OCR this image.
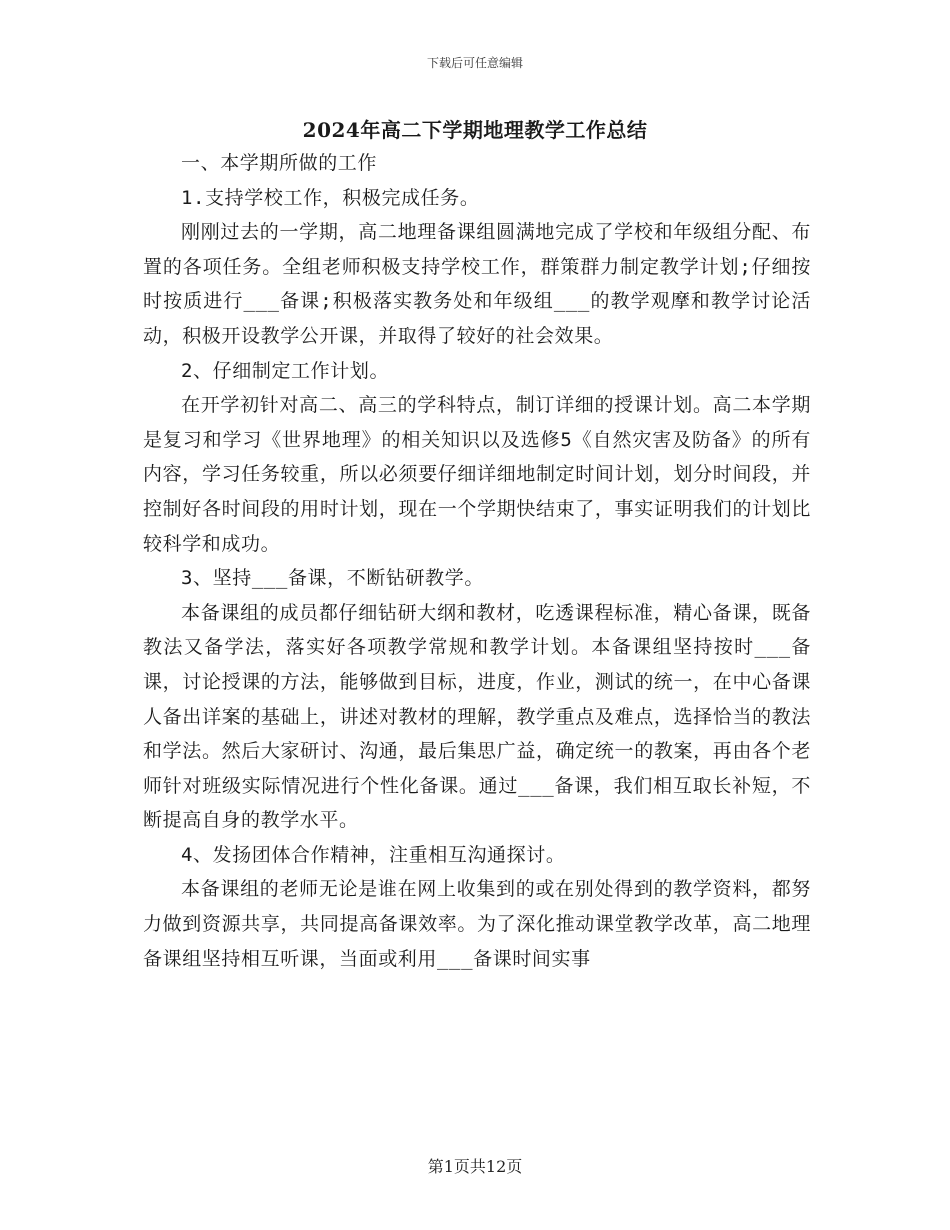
下载后可任意编辑
2024年高二下学期地理教学工作总结

一、本学期所做的工作

1.支持学校工作，积极完成任务。

刚刚过去的一学期，高二地理备课组圆满地完成了学校和年级组分配、布置的各项任务。全组老师积极支持学校工作，群策群力制定教学计划;仔细按时按质进行___备课;积极落实教务处和年级组___的教学观摩和教学讨论活动，积极开设教学公开课，并取得了较好的社会效果。

2、仔细制定工作计划。

在开学初针对高二、高三的学科特点，制订详细的授课计划。高二本学期是复习和学习《世界地理》的相关知识以及选修5《自然灾害及防备》的所有内容，学习任务较重，所以必须要仔细详细地制定时间计划，划分时间段，并控制好各时间段的用时计划，现在一个学期快结束了，事实证明我们的计划比较科学和成功。

3、坚持___备课，不断钻研教学。

本备课组的成员都仔细钻研大纲和教材，吃透课程标准，精心备课，既备教法又备学法，落实好各项教学常规和教学计划。本备课组坚持按时___备课，讨论授课的方法，能够做到目标，进度，作业，测试的统一，在中心备课人备出详案的基础上，讲述对教材的理解，教学重点及难点，选择恰当的教法和学法。然后大家研讨、沟通，最后集思广益，确定统一的教案，再由各个老师针对班级实际情况进行个性化备课。通过___备课，我们相互取长补短，不断提高自身的教学水平。

4、发扬团体合作精神，注重相互沟通探讨。

本备课组的老师无论是谁在网上收集到的或在别处得到的教学资料，都努力做到资源共享，共同提高备课效率。为了深化推动课堂教学改革，高二地理备课组坚持相互听课，当面或利用___备课时间实事

第1页共12页
